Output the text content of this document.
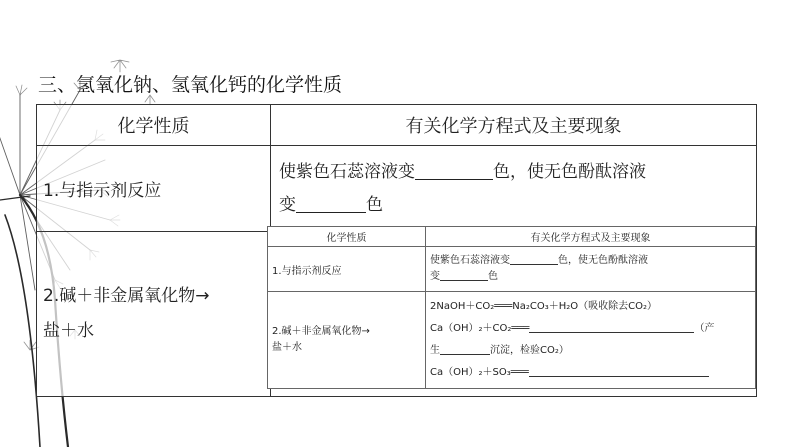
三、氢氧化钠、氢氧化钙的化学性质
化学性质	有关化学方程式及主要现象
1.与指示剂反应	使紫色石蕊溶液变 色，使无色酚酞溶液
变 色
2.碱＋非金属氧化物→
盐＋水	
化学性质	有关化学方程式及主要现象
1.与指示剂反应	使紫色石蕊溶液变 色，使无色酚酞溶液
变 色
2.碱＋非金属氧化物→
盐＋水	2NaOH＋CO₂═══Na₂CO₃＋H₂O（吸收除去CO₂）
Ca（OH）₂＋CO₂═══ （产
生 沉淀，检验CO₂）
Ca（OH）₂＋SO₃═══
